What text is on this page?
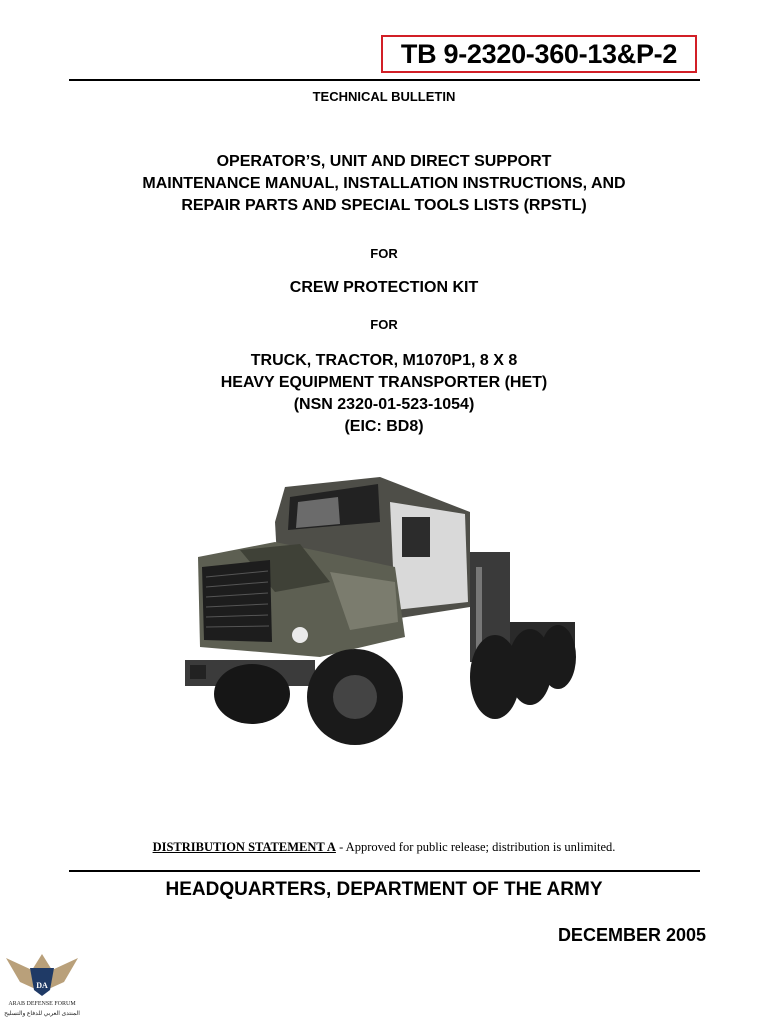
TB 9-2320-360-13&P-2
TECHNICAL BULLETIN
OPERATOR’S, UNIT AND DIRECT SUPPORT
MAINTENANCE MANUAL, INSTALLATION INSTRUCTIONS, AND
REPAIR PARTS AND SPECIAL TOOLS LISTS (RPSTL)
FOR
CREW PROTECTION KIT
FOR
TRUCK, TRACTOR, M1070P1, 8 X 8
HEAVY EQUIPMENT TRANSPORTER (HET)
(NSN 2320-01-523-1054)
(EIC: BD8)
DISTRIBUTION STATEMENT A - Approved for public release; distribution is unlimited.
HEADQUARTERS, DEPARTMENT OF THE ARMY
DECEMBER 2005
DA
ARAB DEFENSE FORUM
المنتدى العربي للدفاع والتسليح
